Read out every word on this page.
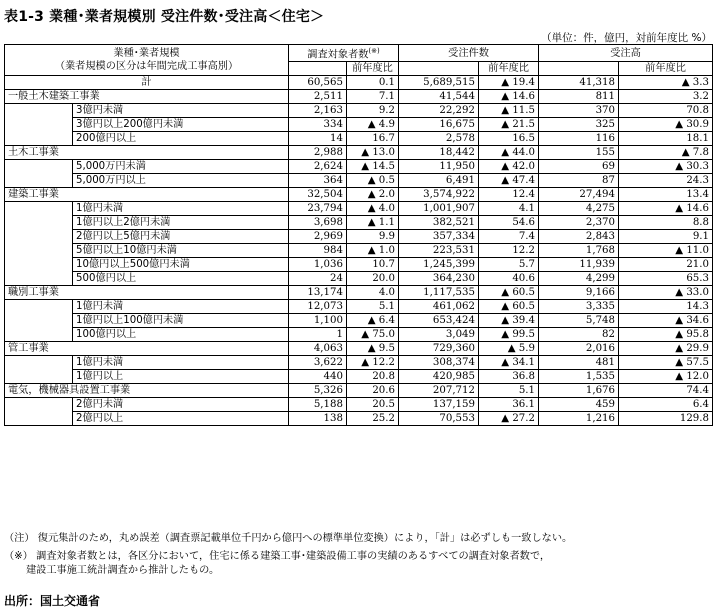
表1-3 業種･業者規模別 受注件数･受注高＜住宅＞
（単位：件，億円，対前年度比 %）
業種･業者規模
（業者規模の区分は年間完成工事高別）		調査対象者数(※)		受注件数		受注高	
			前年度比		前年度比		前年度比
計		60,565	0.1	5,689,515	▲ 19.4	41,318	▲ 3.3
一般土木建築工事業		2,511	7.1	41,544	▲ 14.6	811	3.2
	3億円未満	2,163	9.2	22,292	▲ 11.5	370	70.8
	3億円以上200億円未満	334	▲ 4.9	16,675	▲ 21.5	325	▲ 30.9
	200億円以上	14	16.7	2,578	16.5	116	18.1
土木工事業		2,988	▲ 13.0	18,442	▲ 44.0	155	▲ 7.8
	5,000万円未満	2,624	▲ 14.5	11,950	▲ 42.0	69	▲ 30.3
	5,000万円以上	364	▲ 0.5	6,491	▲ 47.4	87	24.3
建築工事業		32,504	▲ 2.0	3,574,922	12.4	27,494	13.4
	1億円未満	23,794	▲ 4.0	1,001,907	4.1	4,275	▲ 14.6
	1億円以上2億円未満	3,698	▲ 1.1	382,521	54.6	2,370	8.8
	2億円以上5億円未満	2,969	9.9	357,334	7.4	2,843	9.1
	5億円以上10億円未満	984	▲ 1.0	223,531	12.2	1,768	▲ 11.0
	10億円以上500億円未満	1,036	10.7	1,245,399	5.7	11,939	21.0
	500億円以上	24	20.0	364,230	40.6	4,299	65.3
職別工事業		13,174	4.0	1,117,535	▲ 60.5	9,166	▲ 33.0
	1億円未満	12,073	5.1	461,062	▲ 60.5	3,335	14.3
	1億円以上100億円未満	1,100	▲ 6.4	653,424	▲ 39.4	5,748	▲ 34.6
	100億円以上	1	▲ 75.0	3,049	▲ 99.5	82	▲ 95.8
管工事業		4,063	▲ 9.5	729,360	▲ 5.9	2,016	▲ 29.9
	1億円未満	3,622	▲ 12.2	308,374	▲ 34.1	481	▲ 57.5
	1億円以上	440	20.8	420,985	36.8	1,535	▲ 12.0
電気，機械器具設置工事業		5,326	20.6	207,712	5.1	1,676	74.4
	2億円未満	5,188	20.5	137,159	36.1	459	6.4
	2億円以上	138	25.2	70,553	▲ 27.2	1,216	129.8
（注） 復元集計のため，丸め誤差（調査票記載単位千円から億円への標準単位変換）により，「計」は必ずしも一致しない。
（※） 調査対象者数とは，各区分において，住宅に係る建築工事･建築設備工事の実績のあるすべての調査対象者数で，
建設工事施工統計調査から推計したもの。
出所：国土交通省
